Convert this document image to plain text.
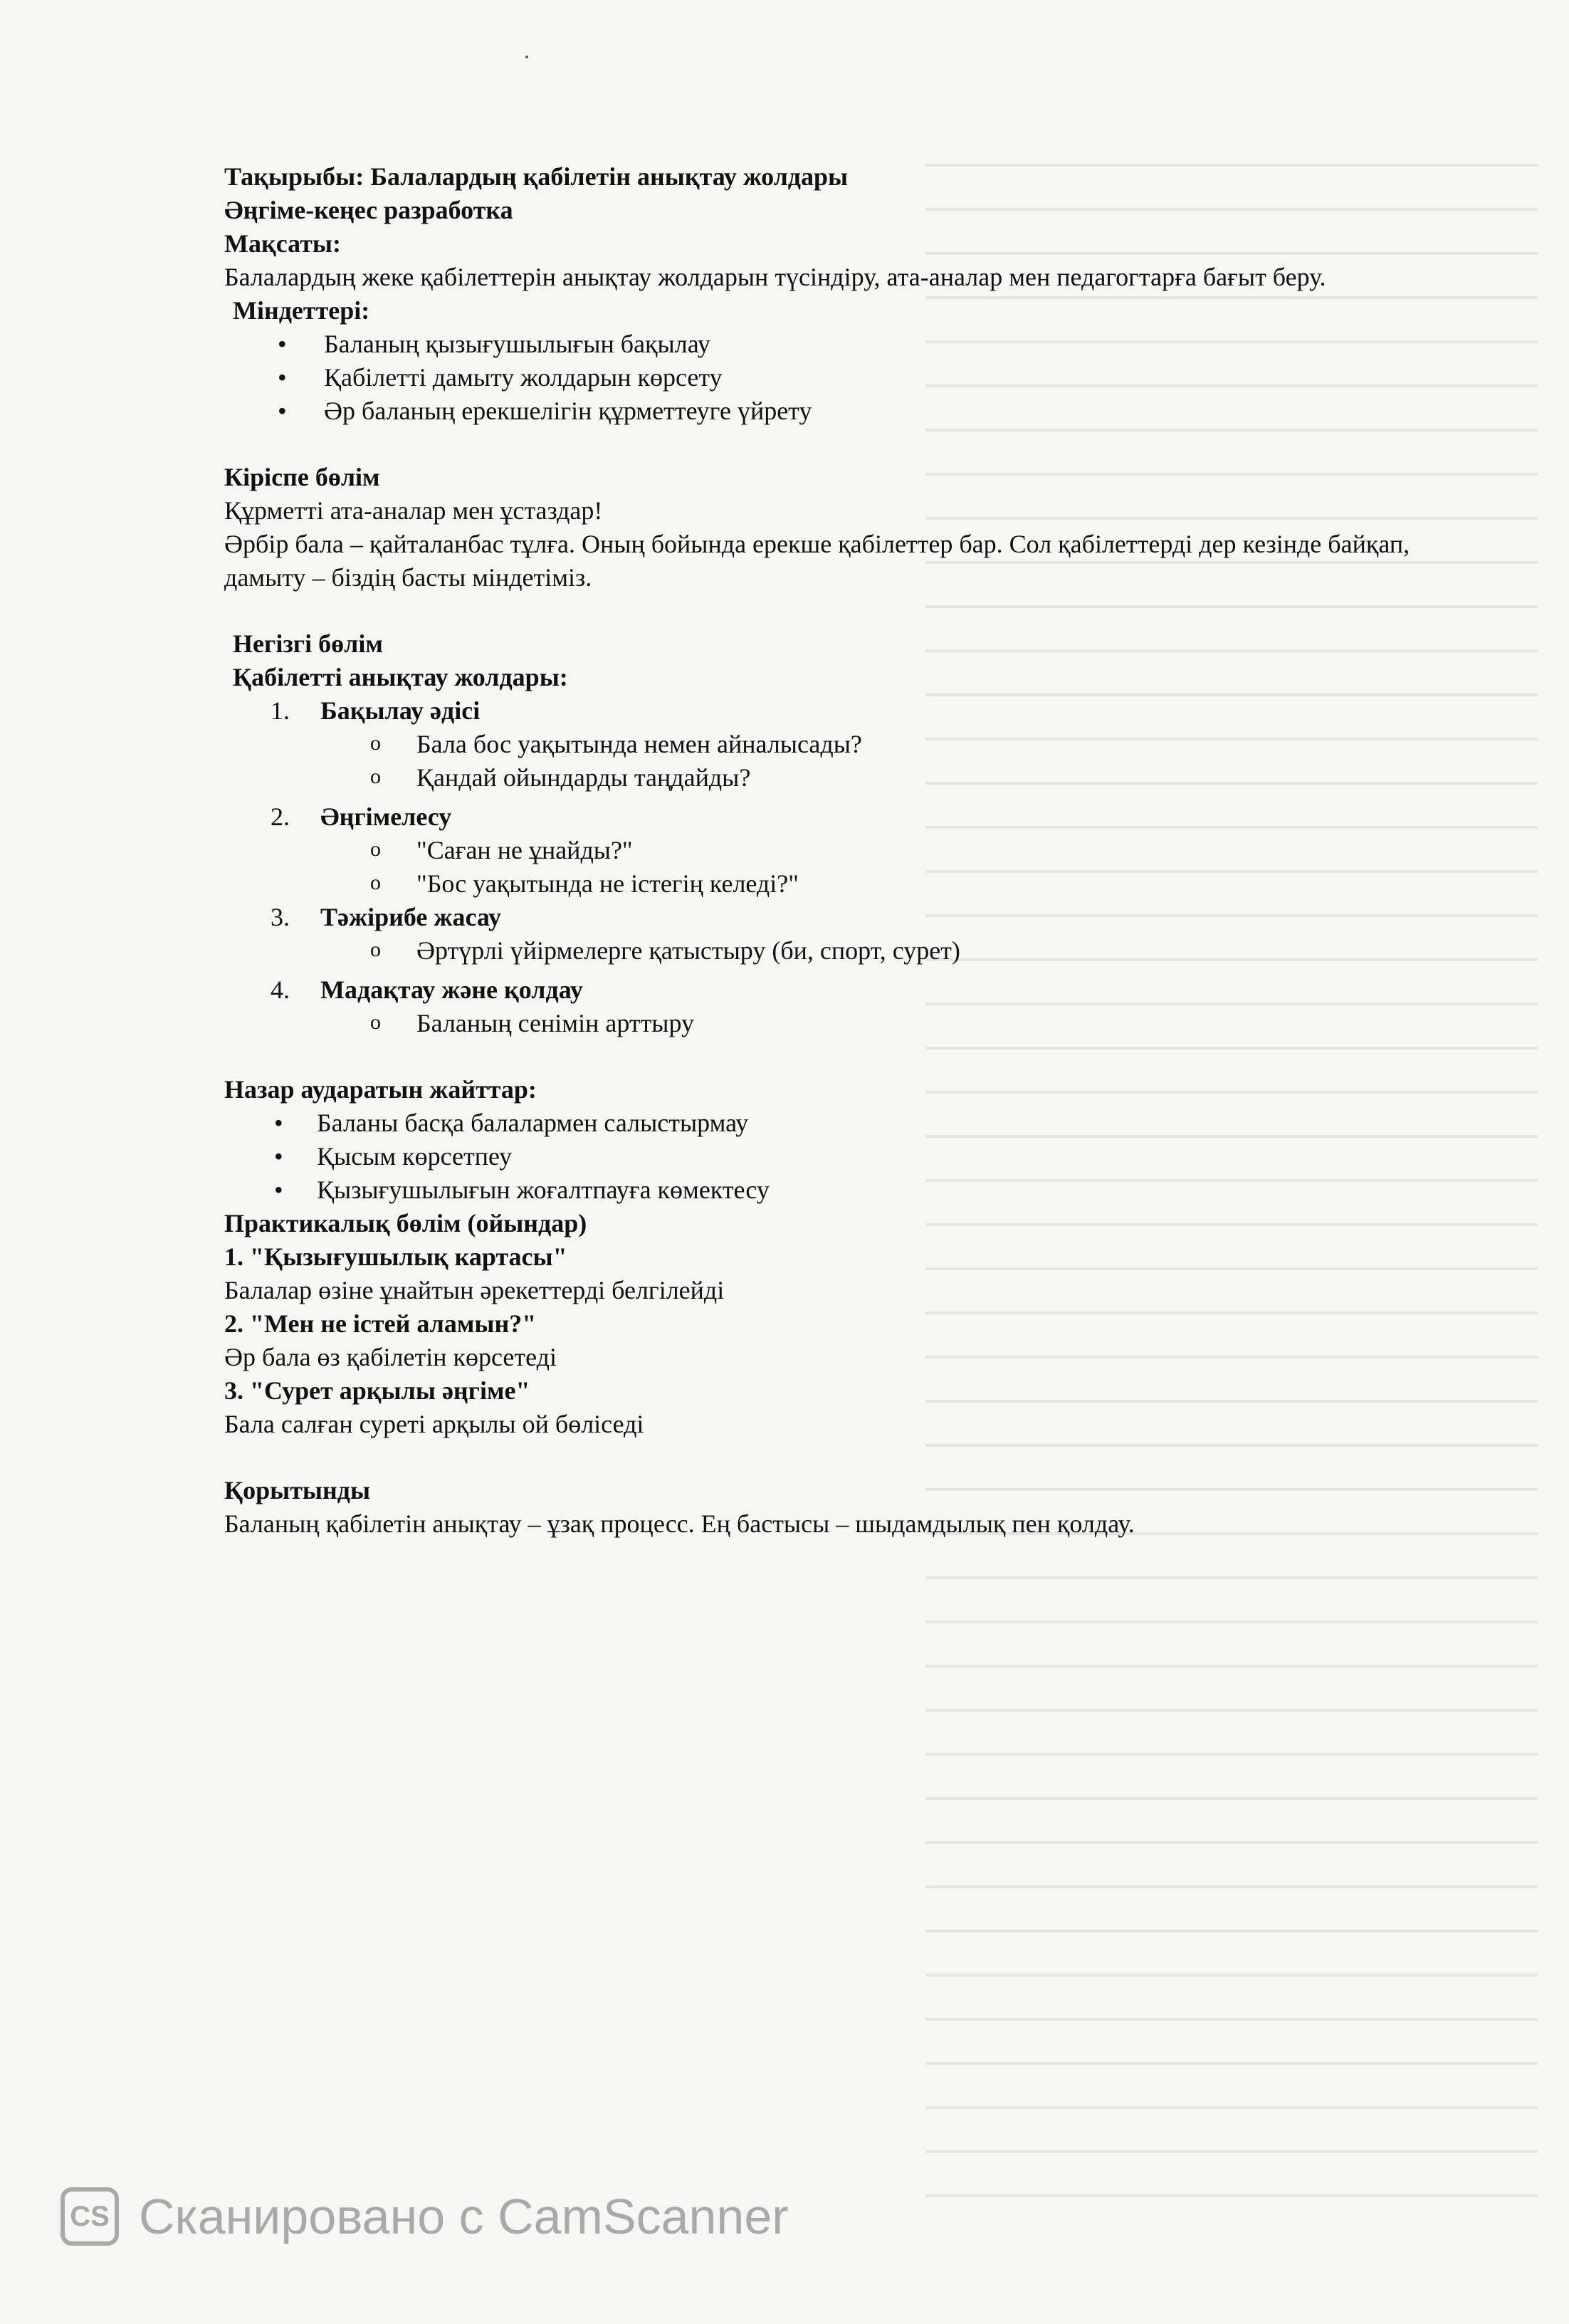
Тақырыбы: Балалардың қабілетін анықтау жолдары
Әңгіме-кеңес разработка
Мақсаты:
Балалардың жеке қабілеттерін анықтау жолдарын түсіндіру, ата-аналар мен педагогтарға бағыт беру.
Міндеттері:
• Баланың қызығушылығын бақылау
• Қабілетті дамыту жолдарын көрсету
• Әр баланың ерекшелігін құрметтеуге үйрету
Кіріспе бөлім
Құрметті ата-аналар мен ұстаздар!
Әрбір бала – қайталанбас тұлға. Оның бойында ерекше қабілеттер бар. Сол қабілеттерді дер кезінде байқап, дамыту – біздің басты міндетіміз.
Негізгі бөлім
Қабілетті анықтау жолдары:
1. Бақылау әдісі
o Бала бос уақытында немен айналысады?
o Қандай ойындарды таңдайды?
2. Әңгімелесу
o "Саған не ұнайды?"
o "Бос уақытында не істегің келеді?"
3. Тәжірибе жасау
o Әртүрлі үйірмелерге қатыстыру (би, спорт, сурет)
4. Мадақтау және қолдау
o Баланың сенімін арттыру
Назар аударатын жайттар:
• Баланы басқа балалармен салыстырмау
• Қысым көрсетпеу
• Қызығушылығын жоғалтпауға көмектесу
Практикалық бөлім (ойындар)
1. "Қызығушылық картасы"
Балалар өзіне ұнайтын әрекеттерді белгілейді
2. "Мен не істей аламын?"
Әр бала өз қабілетін көрсетеді
3. "Сурет арқылы әңгіме"
Бала салған суреті арқылы ой бөліседі
Қорытынды
Баланың қабілетін анықтау – ұзақ процесс. Ең бастысы – шыдамдылық пен қолдау.
CS Сканировано с CamScanner
